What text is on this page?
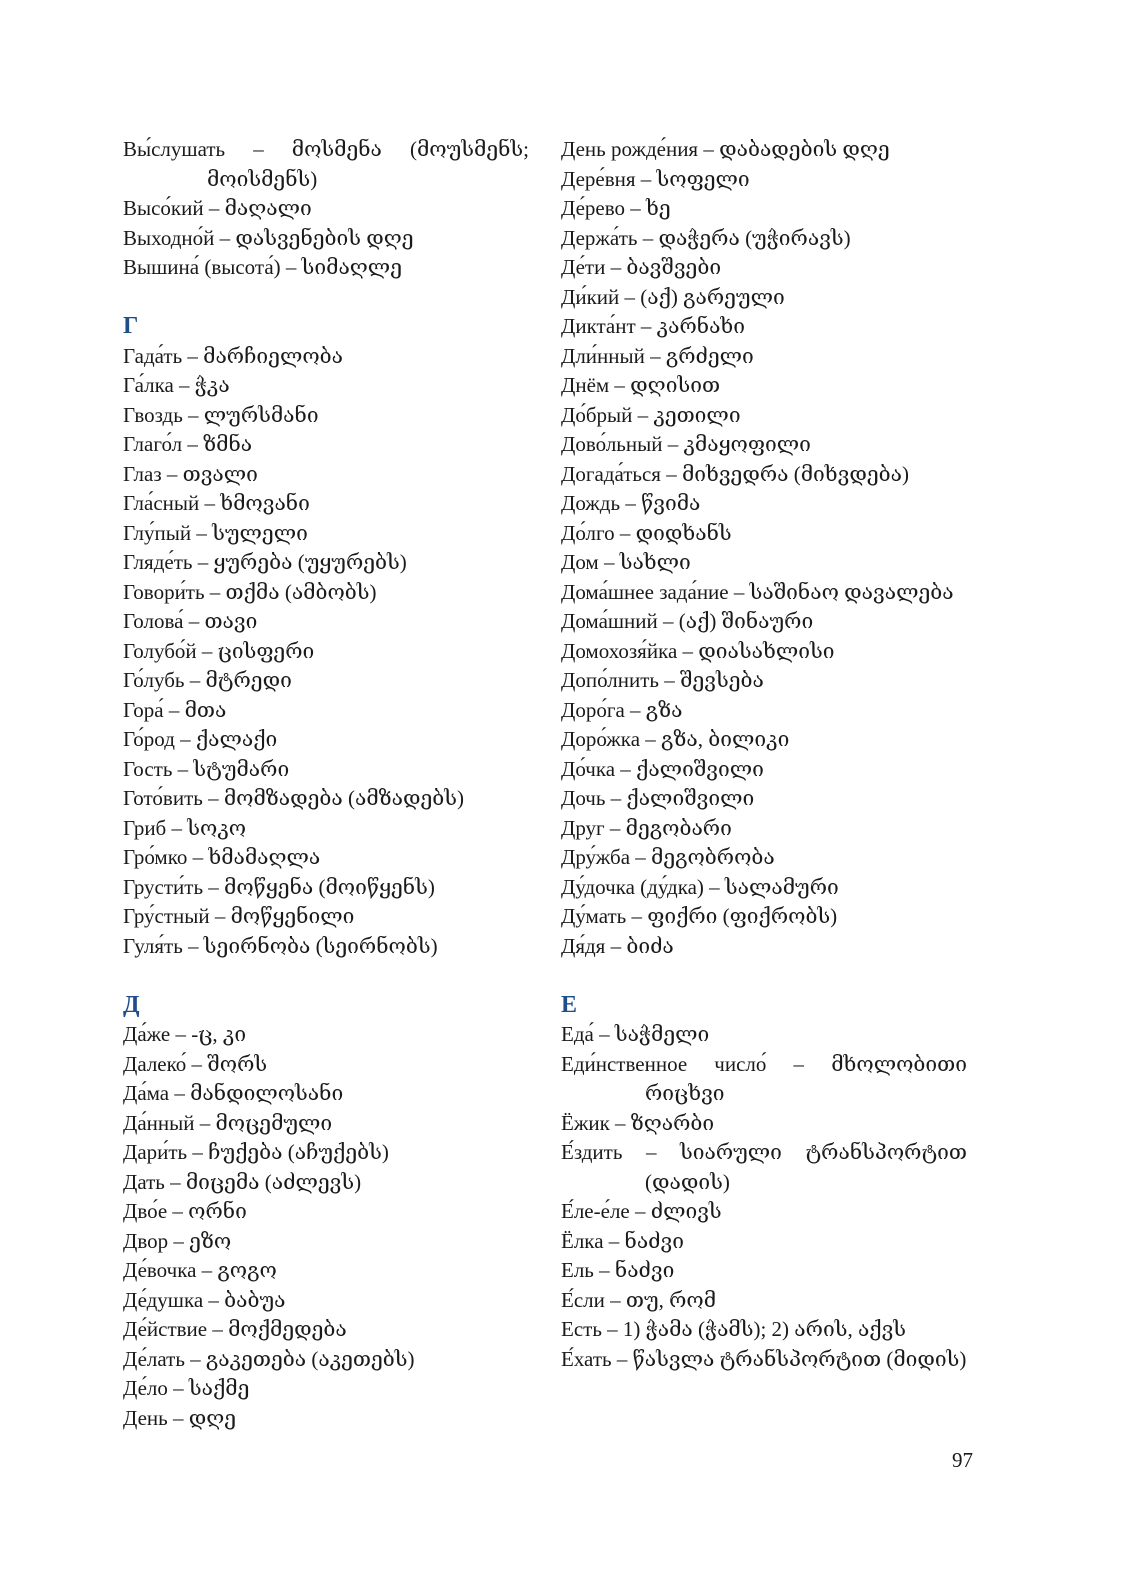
Вы́слушать – მოსმენა (მოუსმენს; მოისმენს)
Высо́кий – მაღალი
Выходно́й – დასვენების დღე
Вышина́ (высота́) – სიმაღლე
Г
Гада́ть – მარჩიელობა
Га́лка – ჭკა
Гвоздь – ლურსმანი
Глаго́л – ზმნა
Глаз – თვალი
Гла́сный – ხმოვანი
Глу́пый – სულელი
Гляде́ть – ყურება (უყურებს)
Говори́ть – თქმა (ამბობს)
Голова́ – თავი
Голубо́й – ცისფერი
Го́лубь – მტრედი
Гора́ – მთა
Го́род – ქალაქი
Гость – სტუმარი
Гото́вить – მომზადება (ამზადებს)
Гриб – სოკო
Гро́мко – ხმამაღლა
Грусти́ть – მოწყენა (მოიწყენს)
Гру́стный – მოწყენილი
Гуля́ть – სეირნობა (სეირნობს)
Д
Да́же – -ც, კი
Далеко́ – შორს
Да́ма – მანდილოსანი
Да́нный – მოცემული
Дари́ть – ჩუქება (აჩუქებს)
Дать – მიცემა (აძლევს)
Дво́е – ორნი
Двор – ეზო
Де́вочка – გოგო
Де́душка – ბაბუა
Де́йствие – მოქმედება
Де́лать – გაკეთება (აკეთებს)
Де́ло – საქმე
День – დღე
День рожде́ния – დაბადების დღე
Дере́вня – სოფელი
Де́рево – ხე
Держа́ть – დაჭერა (უჭირავს)
Де́ти – ბავშვები
Ди́кий – (აქ) გარეული
Дикта́нт – კარნახი
Дли́нный – გრძელი
Днём – დღისით
До́брый – კეთილი
Дово́льный – კმაყოფილი
Догада́ться – მიხვედრა (მიხვდება)
Дождь – წვიმა
До́лго – დიდხანს
Дом – სახლი
Дома́шнее зада́ние – საშინაო დავალება
Дома́шний – (აქ) შინაური
Домохозя́йка – დიასახლისი
Допо́лнить – შევსება
Доро́га – გზა
Доро́жка – გზა, ბილიკი
До́чка – ქალიშვილი
Дочь – ქალიშვილი
Друг – მეგობარი
Дру́жба – მეგობრობა
Ду́дочка (ду́дка) – სალამური
Ду́мать – ფიქრი (ფიქრობს)
Дя́дя – ბიძა
Е
Еда́ – საჭმელი
Еди́нственное число́ – მხოლობითი რიცხვი
Ёжик – ზღარბი
Е́здить – სიარული ტრანსპორტით (დადის)
Е́ле-е́ле – ძლივს
Ёлка – ნაძვი
Ель – ნაძვი
Е́сли – თუ, რომ
Есть – 1) ჭამა (ჭამს); 2) არის, აქვს
Е́хать – წასვლა ტრანსპორტით (მიდის)
97
